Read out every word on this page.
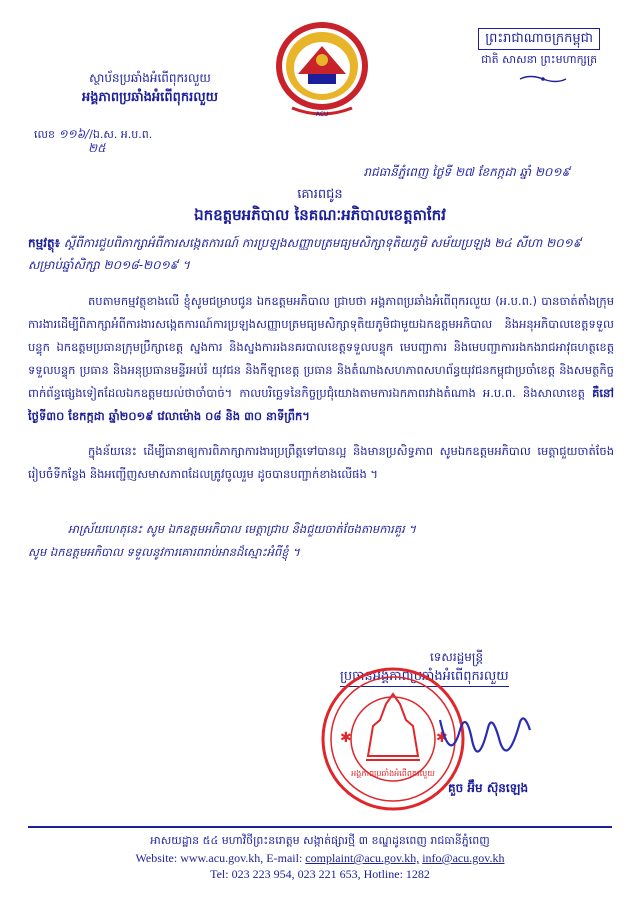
ព្រះរាជាណាចក្រកម្ពុជា
ជាតិ សាសនា ព្រះមហាក្សត្រ
ACU
ស្ថាប័នប្រឆាំងអំពើពុករលួយ
អង្គភាពប្រឆាំងអំពើពុករលួយ
លេខ ១១៦//ឯ.ស. អ.ប.ព.
២៥
រាជធានីភ្នំពេញ ថ្ងៃទី ២៧ ខែកក្កដា ឆ្នាំ ២០១៩
គោរពជូន
ឯកឧត្តមអភិបាល នៃគណៈអភិបាលខេត្តតាកែវ
កម្មវត្ថុ៖ ស្តីពីការជួបពិភាក្សាអំពីការសង្កេតការណ៍ ការប្រឡងសញ្ញាបត្រមធ្យមសិក្សាទុតិយភូមិ សម័យប្រឡង ២៤ សីហា ២០១៩ សម្រាប់ឆ្នាំសិក្សា ២០១៨-២០១៩ ។
តបតាមកម្មវត្ថុខាងលើ ខ្ញុំសូមជម្រាបជូន ឯកឧត្តមអភិបាល ជ្រាបថា អង្គភាពប្រឆាំងអំពើពុករលួយ (អ.ប.ព.) បានចាត់តាំងក្រុមការងារដើម្បីពិភាក្សាអំពីការងារសង្កេតការណ៍ការប្រឡងសញ្ញាបត្រមធ្យមសិក្សាទុតិយភូមិជាមួយឯកឧត្តមអភិបាល និងអនុអភិបាលខេត្តទទួលបន្ទុក ឯកឧត្តមប្រធានក្រុមប្រឹក្សាខេត្ត ស្នងការ និងស្នងការរងនគរបាលខេត្តទទួលបន្ទុក មេបញ្ជាការ និងមេបញ្ជាការរងកងរាជអាវុធហត្ថខេត្តទទួលបន្ទុក ប្រធាន និងអនុប្រធានមន្ទីរអប់រំ យុវជន និងកីឡាខេត្ត ប្រធាន និងតំណាងសហភាពសហព័ន្ធយុវជនកម្ពុជាប្រចាំខេត្ត និងសមត្ថកិច្ចពាក់ព័ន្ធផ្សេងទៀតដែលឯកឧត្តមយល់ថាចាំបាច់។ កាលបរិច្ឆេទនៃកិច្ចប្រជុំយោងតាមការឯកភាពរវាងតំណាង អ.ប.ព. និងសាលាខេត្ត គឺនៅថ្ងៃទី៣០ ខែកក្កដា ឆ្នាំ២០១៩ វេលាម៉ោង ០៨ និង ៣០ នាទីព្រឹក។
ក្នុងន័យនេះ ដើម្បីធានាឲ្យការពិភាក្សាការងារប្រព្រឹត្តទៅបានល្អ និងមានប្រសិទ្ធភាព សូមឯកឧត្តមអភិបាល មេត្តាជួយចាត់ចែងរៀបចំទីកន្លែង និងអញ្ជើញសមាសភាពដែលត្រូវចូលរួម ដូចបានបញ្ជាក់ខាងលើផង ។
អាស្រ័យហេតុនេះ សូម ឯកឧត្តមអភិបាល មេត្តាជ្រាប និងជួយចាត់ចែងតាមការគួរ ។
សូម ឯកឧត្តមអភិបាល ទទួលនូវការគោរពរាប់អានដ៏ស្មោះអំពីខ្ញុំ ។
ទេសរដ្ឋមន្ត្រី
ប្រធានអង្គភាពប្រឆាំងអំពើពុករលួយ
✱	✱
អង្គភាពប្រឆាំងអំពើពុករលួយ
គួច អ៊ឹម ស៊ុនឡេង
អាសយដ្ឋាន ៥៤ មហាវិថីព្រះនរោត្តម សង្កាត់ផ្សារថ្មី ៣ ខណ្ឌដូនពេញ រាជធានីភ្នំពេញ
Website: www.acu.gov.kh, E-mail: complaint@acu.gov.kh, info@acu.gov.kh
Tel: 023 223 954, 023 221 653, Hotline: 1282
